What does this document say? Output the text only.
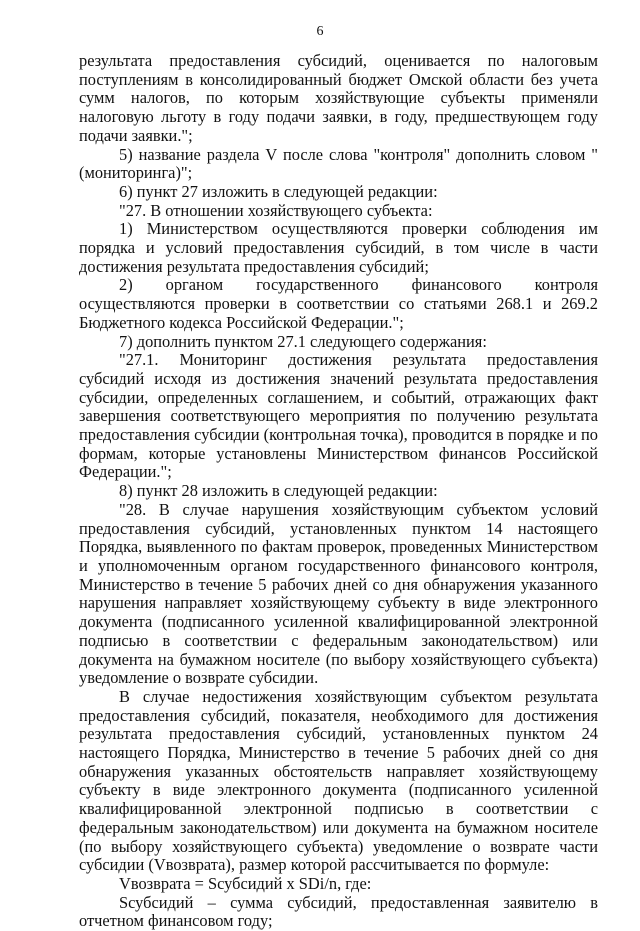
6

результата предоставления субсидий, оценивается по налоговым поступлениям в консолидированный бюджет Омской области без учета сумм налогов, по которым хозяйствующие субъекты применяли налоговую льготу в году подачи заявки, в году, предшествующем году подачи заявки.";

5) название раздела V после слова "контроля" дополнить словом "(мониторинга)";

6) пункт 27 изложить в следующей редакции:

"27. В отношении хозяйствующего субъекта:

1) Министерством осуществляются проверки соблюдения им порядка и условий предоставления субсидий, в том числе в части достижения результата предоставления субсидий;

2) органом государственного финансового контроля осуществляются проверки в соответствии со статьями 268.1 и 269.2 Бюджетного кодекса Российской Федерации.";

7) дополнить пунктом 27.1 следующего содержания:

"27.1. Мониторинг достижения результата предоставления субсидий исходя из достижения значений результата предоставления субсидии, определенных соглашением, и событий, отражающих факт завершения соответствующего мероприятия по получению результата предоставления субсидии (контрольная точка), проводится в порядке и по формам, которые установлены Министерством финансов Российской Федерации.";

8) пункт 28 изложить в следующей редакции:

"28. В случае нарушения хозяйствующим субъектом условий предоставления субсидий, установленных пунктом 14 настоящего Порядка, выявленного по фактам проверок, проведенных Министерством и уполномоченным органом государственного финансового контроля, Министерство в течение 5 рабочих дней со дня обнаружения указанного нарушения направляет хозяйствующему субъекту в виде электронного документа (подписанного усиленной квалифицированной электронной подписью в соответствии с федеральным законодательством) или документа на бумажном носителе (по выбору хозяйствующего субъекта) уведомление о возврате субсидии.

В случае недостижения хозяйствующим субъектом результата предоставления субсидий, показателя, необходимого для достижения результата предоставления субсидий, установленных пунктом 24 настоящего Порядка, Министерство в течение 5 рабочих дней со дня обнаружения указанных обстоятельств направляет хозяйствующему субъекту в виде электронного документа (подписанного усиленной квалифицированной электронной подписью в соответствии с федеральным законодательством) или документа на бумажном носителе (по выбору хозяйствующего субъекта) уведомление о возврате части субсидии (Vвозврата), размер которой рассчитывается по формуле:

Vвозврата = Sсубсидий x SDi/n, где:

Sсубсидий – сумма субсидий, предоставленная заявителю в отчетном финансовом году;
